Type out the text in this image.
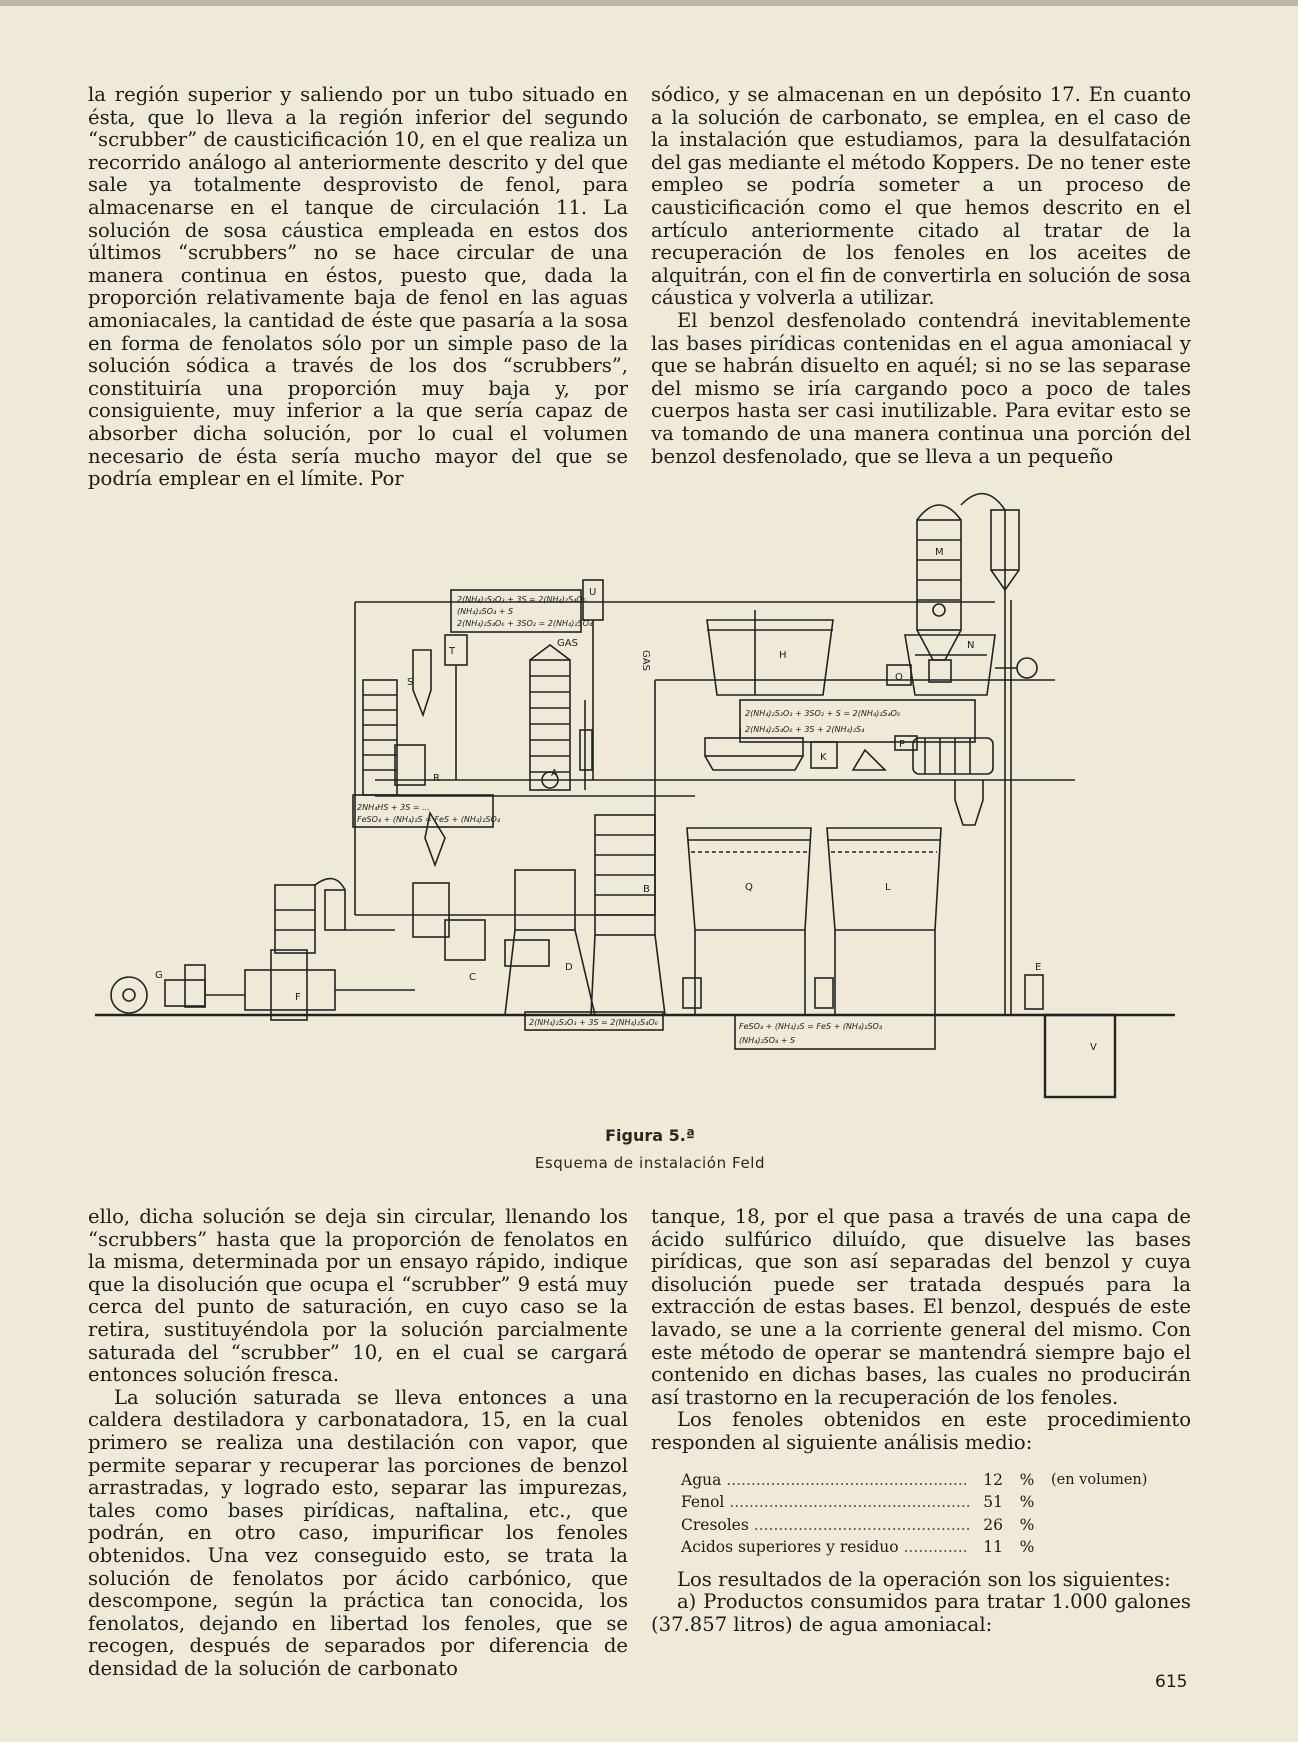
la región superior y saliendo por un tubo situado en ésta, que lo lleva a la región inferior del segundo “scrubber” de causticificación 10, en el que realiza un recorrido análogo al anteriormente descrito y del que sale ya totalmente desprovisto de fenol, para almacenarse en el tanque de circulación 11. La solución de sosa cáustica empleada en estos dos últimos “scrubbers” no se hace circular de una manera continua en éstos, puesto que, dada la proporción relativamente baja de fenol en las aguas amoniacales, la cantidad de éste que pasaría a la sosa en forma de fenolatos sólo por un simple paso de la solución sódica a través de los dos “scrubbers”, constituiría una proporción muy baja y, por consiguiente, muy inferior a la que sería capaz de absorber dicha solución, por lo cual el volumen necesario de ésta sería mucho mayor del que se podría emplear en el límite. Por

sódico, y se almacenan en un depósito 17. En cuanto a la solución de carbonato, se emplea, en el caso de la instalación que estudiamos, para la desulfatación del gas mediante el método Koppers. De no tener este empleo se podría someter a un proceso de causticificación como el que hemos descrito en el artículo anteriormente citado al tratar de la recuperación de los fenoles en los aceites de alquitrán, con el fin de convertirla en solución de sosa cáustica y volverla a utilizar.

El benzol desfenolado contendrá inevitablemente las bases pirídicas contenidas en el agua amoniacal y que se habrán disuelto en aquél; si no se las separase del mismo se iría cargando poco a poco de tales cuerpos hasta ser casi inutilizable. Para evitar esto se va tomando de una manera continua una porción del benzol desfenolado, que se lleva a un pequeño

M
H
N
O
U
T
S
R	A
J
K
P
Q	L
G
F
C
D	E
B
V
GAS
GAS
2(NH₄)₂S₂O₃ + 3S = 2(NH₄)₂S₄O₆
(NH₄)₂SO₄ + S
2(NH₄)₂S₄O₆ + 3SO₂ = 2(NH₄)₂SO₄
2(NH₄)₂S₂O₃ + 3SO₂ + S = 2(NH₄)₂S₄O₆
2(NH₄)₂S₄O₆ + 3S + 2(NH₄)₂S₄
2NH₄HS + 3S = ...
FeSO₄ + (NH₄)₂S = FeS + (NH₄)₂SO₄
2(NH₄)₂S₂O₃ + 3S = 2(NH₄)₂S₄O₆	FeSO₄ + (NH₄)₂S = FeS + (NH₄)₂SO₄
(NH₄)₂SO₄ + S
Figura 5.ª
Esquema de instalación Feld

ello, dicha solución se deja sin circular, llenando los “scrubbers” hasta que la proporción de fenolatos en la misma, determinada por un ensayo rápido, indique que la disolución que ocupa el “scrubber” 9 está muy cerca del punto de saturación, en cuyo caso se la retira, sustituyéndola por la solución parcialmente saturada del “scrubber” 10, en el cual se cargará entonces solución fresca.

La solución saturada se lleva entonces a una caldera destiladora y carbonatadora, 15, en la cual primero se realiza una destilación con vapor, que permite separar y recuperar las porciones de benzol arrastradas, y logrado esto, separar las impurezas, tales como bases pirídicas, naftalina, etc., que podrán, en otro caso, impurificar los fenoles obtenidos. Una vez conseguido esto, se trata la solución de fenolatos por ácido carbónico, que descompone, según la práctica tan conocida, los fenolatos, dejando en libertad los fenoles, que se recogen, después de separados por diferencia de densidad de la solución de carbonato

tanque, 18, por el que pasa a través de una capa de ácido sulfúrico diluído, que disuelve las bases pirídicas, que son así separadas del benzol y cuya disolución puede ser tratada después para la extracción de estas bases. El benzol, después de este lavado, se une a la corriente general del mismo. Con este método de operar se mantendrá siempre bajo el contenido en dichas bases, las cuales no producirán así trastorno en la recuperación de los fenoles.

Los fenoles obtenidos en este procedimiento responden al siguiente análisis medio:

Agua .....	12	%	(en volumen)
Fenol .....	51	%
Cresoles .....	26	%
Acidos superiores y residuo .....	11	%

Los resultados de la operación son los siguientes:

a) Productos consumidos para tratar 1.000 galones (37.857 litros) de agua amoniacal:

615
